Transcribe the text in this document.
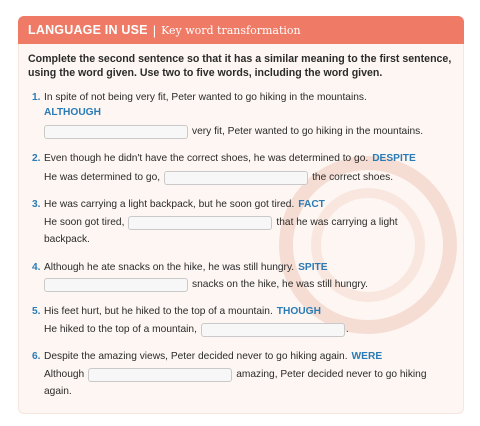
LANGUAGE IN USE | Key word transformation
Complete the second sentence so that it has a similar meaning to the first sentence, using the word given. Use two to five words, including the word given.
1. In spite of not being very fit, Peter wanted to go hiking in the mountains.
ALTHOUGH
very fit, Peter wanted to go hiking in the mountains.
2. Even though he didn't have the correct shoes, he was determined to go. DESPITE
He was determined to go,	the correct shoes.
3. He was carrying a light backpack, but he soon got tired. FACT
He soon got tired,	that he was carrying a light
backpack.
4. Although he ate snacks on the hike, he was still hungry. SPITE
snacks on the hike, he was still hungry.
5. His feet hurt, but he hiked to the top of a mountain. THOUGH
He hiked to the top of a mountain,	.
6. Despite the amazing views, Peter decided never to go hiking again. WERE
Although	amazing, Peter decided never to go hiking
again.
